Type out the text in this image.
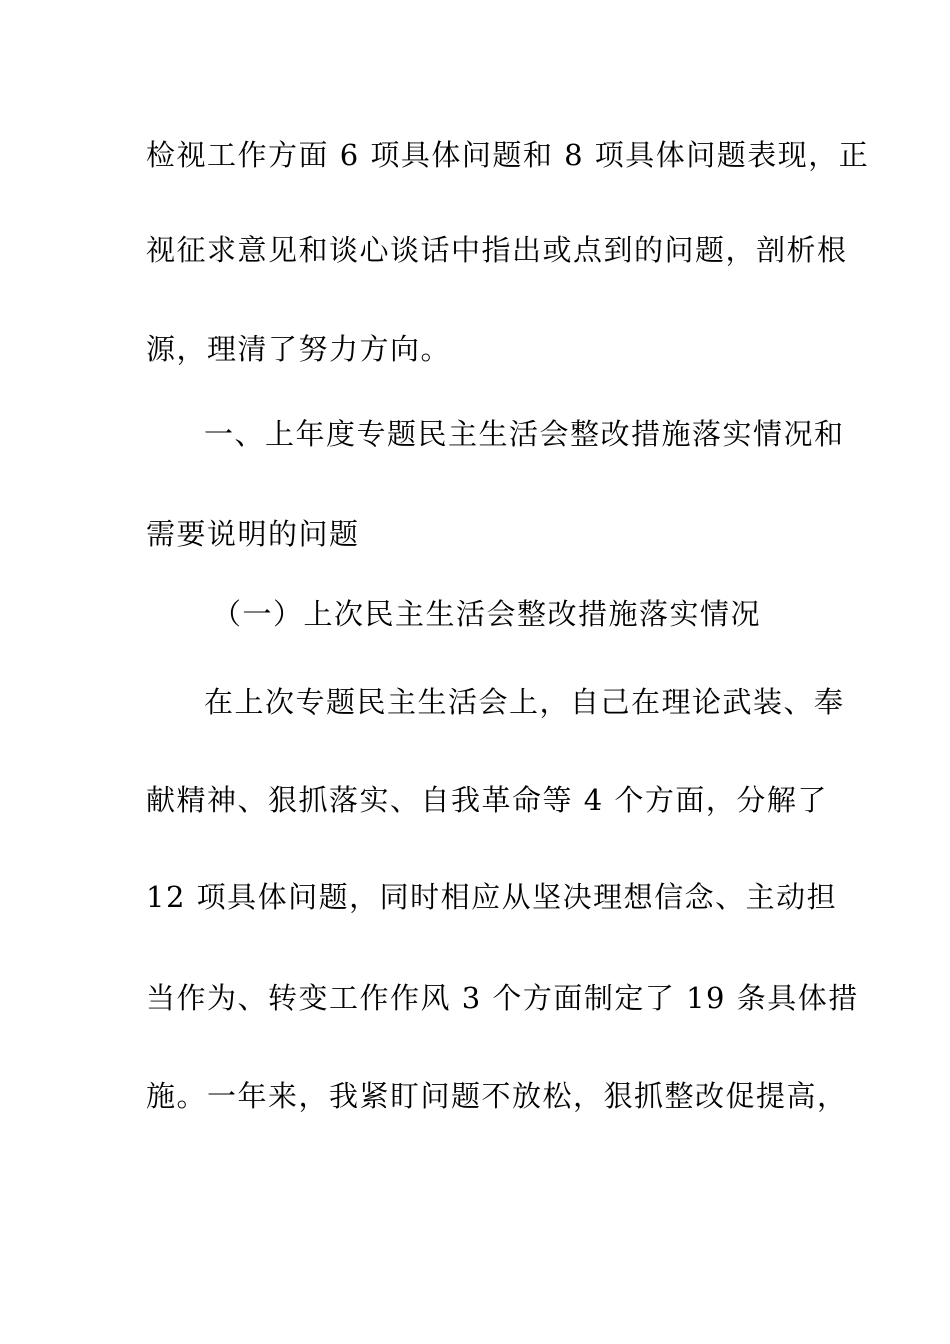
检视工作方面 6 项具体问题和 8 项具体问题表现，正
视征求意见和谈心谈话中指出或点到的问题，剖析根
源，理清了努力方向。
一、上年度专题民主生活会整改措施落实情况和
需要说明的问题
（一）上次民主生活会整改措施落实情况
在上次专题民主生活会上，自己在理论武装、奉
献精神、狠抓落实、自我革命等 4 个方面，分解了
12 项具体问题，同时相应从坚决理想信念、主动担
当作为、转变工作作风 3 个方面制定了 19 条具体措
施。一年来，我紧盯问题不放松，狠抓整改促提高，
